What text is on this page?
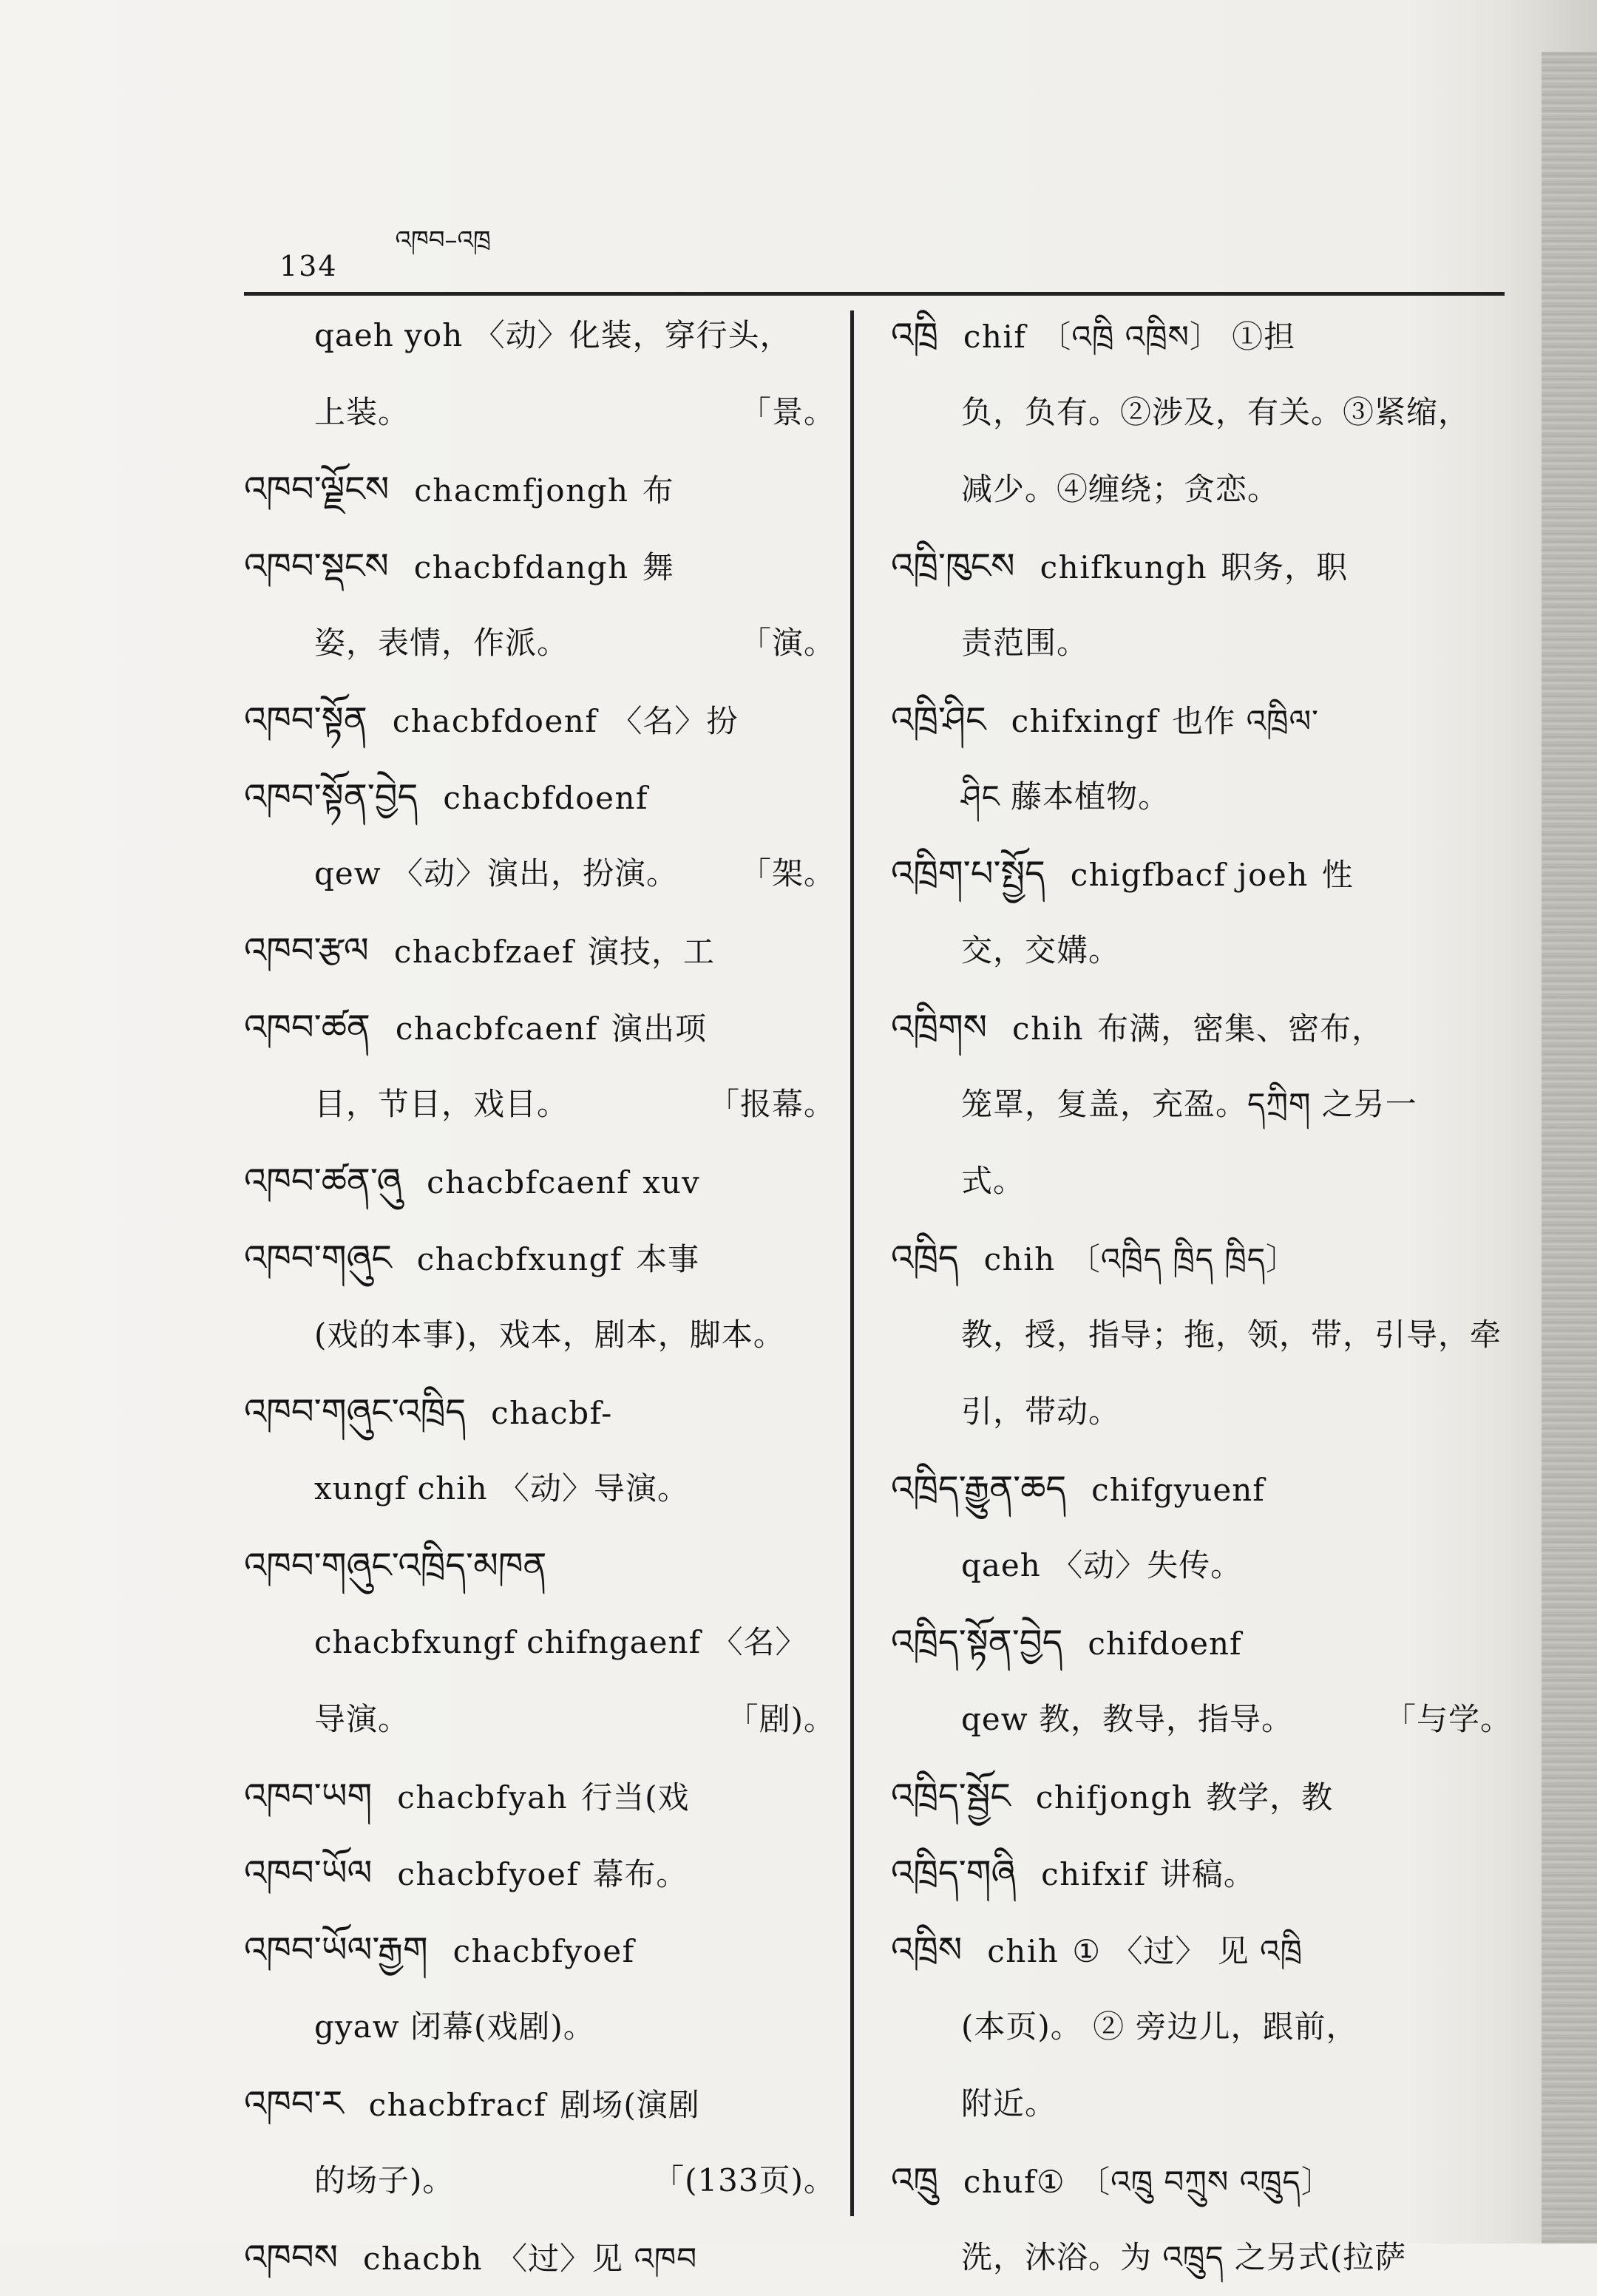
134
འཁབ–འཁྲ
qaeh yoh 〈动〉化装，穿行头，
上装。	「景。
འཁབ་ལྗོངས chacmfjongh 布
འཁབ་སྡངས chacbfdangh 舞
姿，表情，作派。	「演。
འཁབ་སྟོན chacbfdoenf 〈名〉扮
འཁབ་སྟོན་བྱེད chacbfdoenf
qew 〈动〉演出，扮演。 「架。
འཁབ་རྩལ chacbfzaef 演技，工
འཁབ་ཚན chacbfcaenf 演出项
目，节目，戏目。	「报幕。
འཁབ་ཚན་ཞུ chacbfcaenf xuv
འཁབ་གཞུང chacbfxungf 本事
(戏的本事)，戏本，剧本，脚本。
འཁབ་གཞུང་འཁྲིད chacbf-
xungf chih 〈动〉导演。
འཁབ་གཞུང་འཁྲིད་མཁན
chacbfxungf chifngaenf 〈名〉
导演。	「剧)。
འཁབ་ཡག chacbfyah 行当(戏
འཁབ་ཡོལ chacbfyoef 幕布。
འཁབ་ཡོལ་རྒྱག chacbfyoef
gyaw 闭幕(戏剧)。
འཁབ་ར chacbfracf 剧场(演剧
的场子)。	「(133页)。
འཁབས chacbh 〈过〉见 འཁབ
འཁྲི chif 〔འཁྲི འཁྲིས〕 ①担
负，负有。②涉及，有关。③紧缩，
减少。④缠绕；贪恋。
འཁྲི་ཁུངས chifkungh 职务，职
责范围。
འཁྲི་ཤིང chifxingf 也作 འཁྲིལ་
ཤིང 藤本植物。
འཁྲིག་པ་སྤྱོད chigfbacf joeh 性
交，交媾。
འཁྲིགས chih 布满，密集、密布，
笼罩，复盖，充盈。དཀྲིག 之另一
式。
འཁྲིད chih 〔འཁྲིད ཁྲིད ཁྲིད〕
教，授，指导；拖，领，带，引导，牵
引，带动。
འཁྲིད་རྒྱུན་ཆད chifgyuenf
qaeh 〈动〉失传。
འཁྲིད་སྟོན་བྱེད chifdoenf
qew 教，教导，指导。	「与学。
འཁྲིད་སྦྱོང chifjongh 教学，教
འཁྲིད་གཞི chifxif 讲稿。
འཁྲིས chih ① 〈过〉 见 འཁྲི
(本页)。 ② 旁边儿，跟前，
附近。
འཁྲུ chuf① 〔འཁྲུ བཀྲུས འཁྲུད〕
洗，沐浴。为 འཁྲུད 之另式(拉萨
